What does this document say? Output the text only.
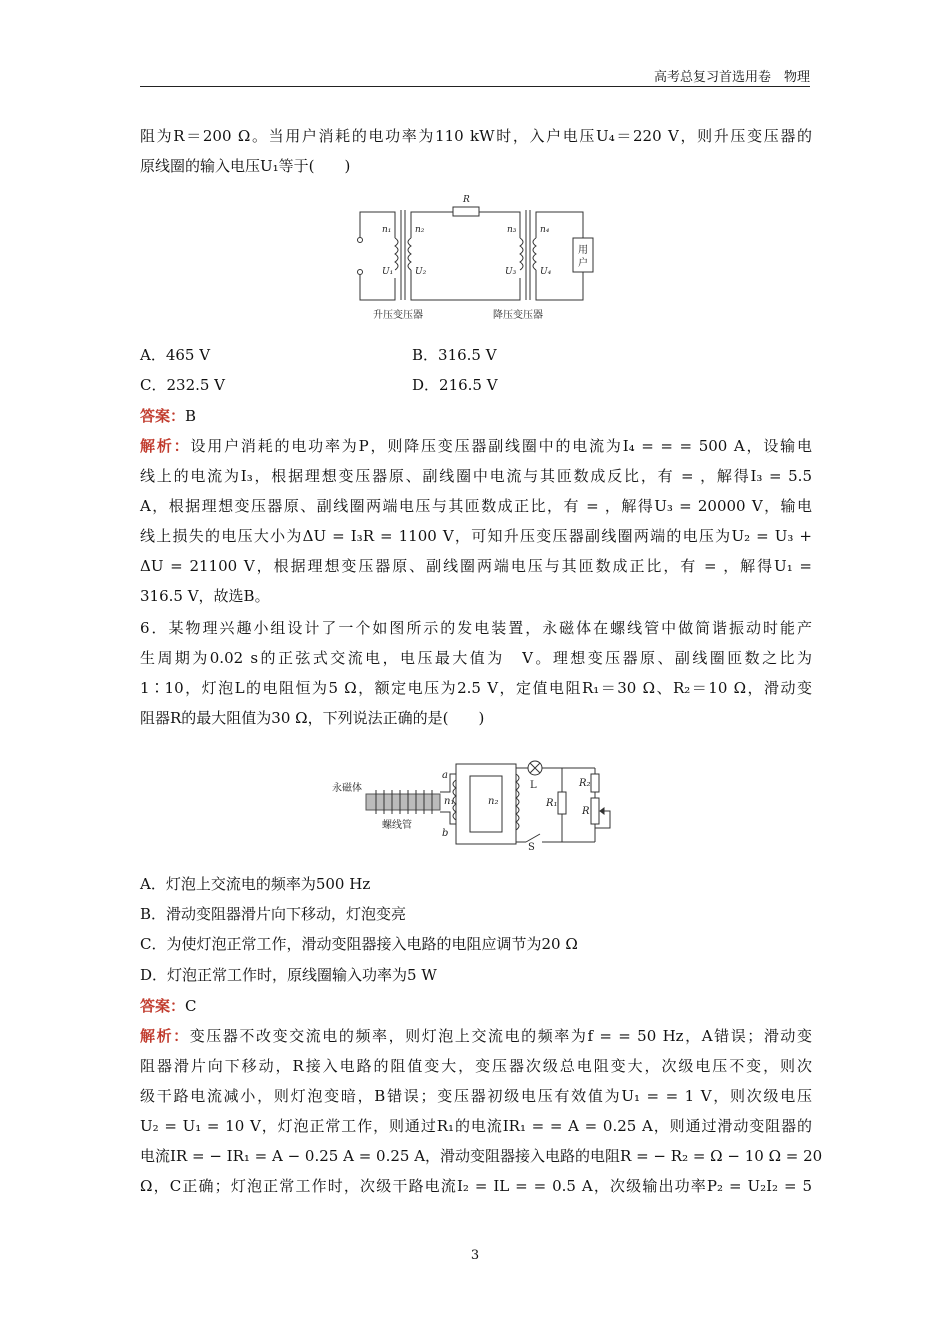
高考总复习首选用卷　物理
阻为R＝200 Ω。当用户消耗的电功率为110 kW时，入户电压U₄＝220 V，则升压变压器的
原线圈的输入电压U₁等于(　　)
R
n₁	n₂	n₃	n₄
U₁ U₂	U₃	U₄
用
户
升压变压器	降压变压器
A．465 V	B．316.5 V
C．232.5 V	D．216.5 V
答案：B
解析：设用户消耗的电功率为P，则降压变压器副线圈中的电流为I₄ = = = 500 A，设输电
线上的电流为I₃，根据理想变压器原、副线圈中电流与其匝数成反比，有 = ，解得I₃ = 5.5
A，根据理想变压器原、副线圈两端电压与其匝数成正比，有 = ，解得U₃ = 20000 V，输电
线上损失的电压大小为ΔU = I₃R = 1100 V，可知升压变压器副线圈两端的电压为U₂ = U₃ +
ΔU = 21100 V，根据理想变压器原、副线圈两端电压与其匝数成正比，有 = ，解得U₁ =
316.5 V，故选B。
6．某物理兴趣小组设计了一个如图所示的发电装置，永磁体在螺线管中做简谐振动时能产
生周期为0.02 s的正弦式交流电，电压最大值为　V。理想变压器原、副线圈匝数之比为
1∶10，灯泡L的电阻恒为5 Ω，额定电压为2.5 V，定值电阻R₁＝30 Ω、R₂＝10 Ω，滑动变
阻器R的最大阻值为30 Ω，下列说法正确的是(　　)
永磁体
螺线管
a
b
n₁	n₂
L
R₁
R₂
R
S
A．灯泡上交流电的频率为500 Hz
B．滑动变阻器滑片向下移动，灯泡变亮
C．为使灯泡正常工作，滑动变阻器接入电路的电阻应调节为20 Ω
D．灯泡正常工作时，原线圈输入功率为5 W
答案：C
解析：变压器不改变交流电的频率，则灯泡上交流电的频率为f = = 50 Hz，A错误；滑动变
阻器滑片向下移动，R接入电路的阻值变大，变压器次级总电阻变大，次级电压不变，则次
级干路电流减小，则灯泡变暗，B错误；变压器初级电压有效值为U₁ = = 1 V，则次级电压
U₂ = U₁ = 10 V，灯泡正常工作，则通过R₁的电流IR₁ = = A = 0.25 A，则通过滑动变阻器的
电流IR = − IR₁ = A − 0.25 A = 0.25 A，滑动变阻器接入电路的电阻R = − R₂ = Ω − 10 Ω = 20
Ω，C正确；灯泡正常工作时，次级干路电流I₂ = IL = = 0.5 A，次级输出功率P₂ = U₂I₂ = 5
3
